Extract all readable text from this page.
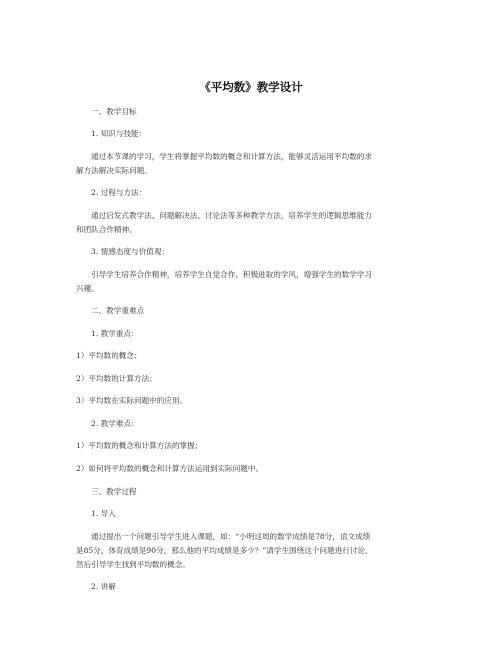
《平均数》教学设计
一、教学目标
1. 知识与技能：
通过本节课的学习，学生将掌握平均数的概念和计算方法，能够灵活运用平均数的求
解方法解决实际问题。
2. 过程与方法：
通过启发式教学法、问题解决法、讨论法等多种教学方法，培养学生的逻辑思维能力
和团队合作精神。
3. 情感态度与价值观：
引导学生培养合作精神，培养学生自觉合作、积极进取的学风，增强学生的数学学习
兴趣。
二、教学重难点
1. 教学重点：
1）平均数的概念；
2）平均数的计算方法；
3）平均数在实际问题中的应用。
2. 教学难点：
1）平均数的概念和计算方法的掌握；
2）如何将平均数的概念和计算方法运用到实际问题中。
三、教学过程
1. 导入
通过提出一个问题引导学生进入课题，如：“小明这周的数学成绩是78分，语文成绩
是85分，体育成绩是90分，那么他的平均成绩是多少？”请学生围绕这个问题进行讨论，
然后引导学生找到平均数的概念。
2. 讲解
